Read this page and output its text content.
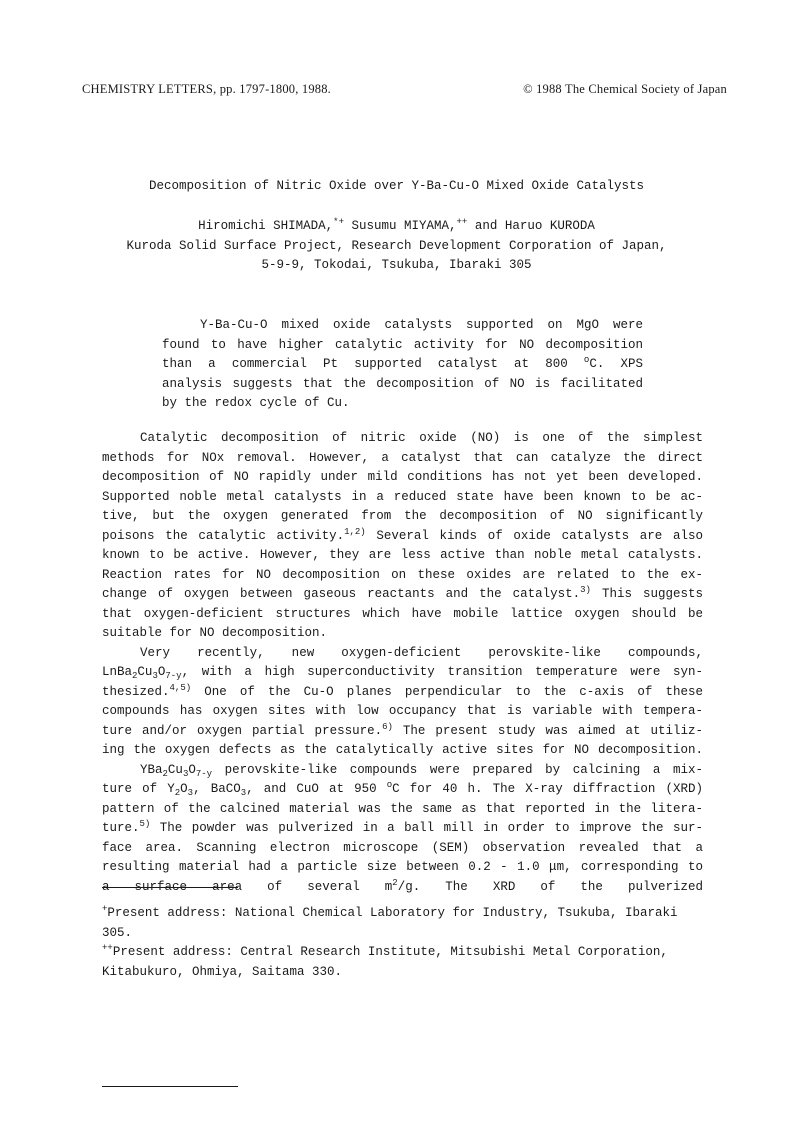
CHEMISTRY LETTERS, pp. 1797-1800, 1988.	© 1988 The Chemical Society of Japan
Decomposition of Nitric Oxide over Y-Ba-Cu-O Mixed Oxide Catalysts
Hiromichi SHIMADA,*+ Susumu MIYAMA,++ and Haruo KURODA
Kuroda Solid Surface Project, Research Development Corporation of Japan,
5-9-9, Tokodai, Tsukuba, Ibaraki 305
Y-Ba-Cu-O mixed oxide catalysts supported on MgO were
found to have higher catalytic activity for NO decomposition
than a commercial Pt supported catalyst at 800 $^o$C. XPS
analysis suggests that the decomposition of NO is facilitated
by the redox cycle of Cu.
Catalytic decomposition of nitric oxide (NO) is one of the simplest
methods for NOx removal. However, a catalyst that can catalyze the direct
decomposition of NO rapidly under mild conditions has not yet been developed.
Supported noble metal catalysts in a reduced state have been known to be ac-
tive, but the oxygen generated from the decomposition of NO significantly
poisons the catalytic activity.$^{1,2)}$ Several kinds of oxide catalysts are also
known to be active. However, they are less active than noble metal catalysts.
Reaction rates for NO decomposition on these oxides are related to the ex-
change of oxygen between gaseous reactants and the catalyst.$^{3)}$ This suggests
that oxygen-deficient structures which have mobile lattice oxygen should be
suitable for NO decomposition.
Very recently, new oxygen-deficient perovskite-like compounds,
$LnBa_2Cu_3O_{7-y}$, with a high superconductivity transition temperature were syn-
thesized.$^{4,5)}$ One of the Cu-O planes perpendicular to the c-axis of these
compounds has oxygen sites with low occupancy that is variable with tempera-
ture and/or oxygen partial pressure.$^{6)}$ The present study was aimed at utiliz-
ing the oxygen defects as the catalytically active sites for NO decomposition.
$YBa_2Cu_3O_{7-y}$ perovskite-like compounds were prepared by calcining a mix-
ture of $Y_2O_3$, BaCO$_3$, and CuO at 950 $^o$C for 40 h. The X-ray diffraction (XRD)
pattern of the calcined material was the same as that reported in the litera-
ture.$^{5)}$ The powder was pulverized in a ball mill in order to improve the sur-
face area. Scanning electron microscope (SEM) observation revealed that a
resulting material had a particle size between 0.2 - 1.0 μm, corresponding to
a surface area of several $m^2/g$. The XRD of the pulverized
+Present address: National Chemical Laboratory for Industry, Tsukuba, Ibaraki
305.
++Present address: Central Research Institute, Mitsubishi Metal Corporation,
Kitabukuro, Ohmiya, Saitama 330.
